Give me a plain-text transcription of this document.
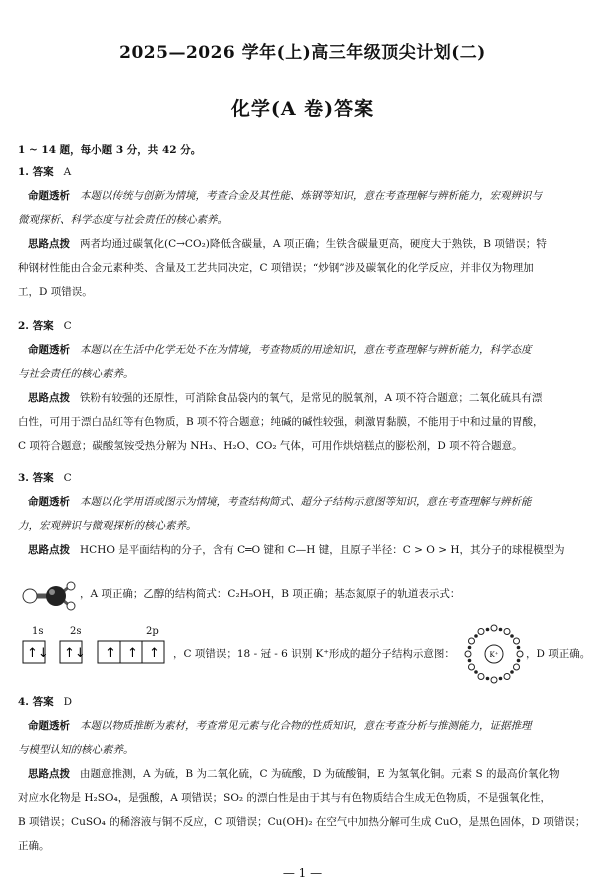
2025—2026 学年(上)高三年级顶尖计划(二)
化学(A 卷)答案
1 ~ 14 题，每小题 3 分，共 42 分。
1. 答案 A
命题透析 本题以传统与创新为情境，考查合金及其性能、炼钢等知识，意在考查理解与辨析能力，宏观辨识与
微观探析、科学态度与社会责任的核心素养。
思路点拨 两者均通过碳氧化(C→CO₂)降低含碳量，A 项正确；生铁含碳量更高，硬度大于熟铁，B 项错误；特
种钢材性能由合金元素种类、含量及工艺共同决定，C 项错误；“炒钢”涉及碳氧化的化学反应，并非仅为物理加
工，D 项错误。
2. 答案 C
命题透析 本题以在生活中化学无处不在为情境，考查物质的用途知识，意在考查理解与辨析能力，科学态度
与社会责任的核心素养。
思路点拨 铁粉有较强的还原性，可消除食品袋内的氧气，是常见的脱氧剂，A 项不符合题意；二氧化硫具有漂
白性，可用于漂白品红等有色物质，B 项不符合题意；纯碱的碱性较强，刺激胃黏膜，不能用于中和过量的胃酸，
C 项符合题意；碳酸氢铵受热分解为 NH₃、H₂O、CO₂ 气体，可用作烘焙糕点的膨松剂，D 项不符合题意。
3. 答案 C
命题透析 本题以化学用语或图示为情境，考查结构简式、超分子结构示意图等知识，意在考查理解与辨析能
力，宏观辨识与微观探析的核心素养。
思路点拨 HCHO 是平面结构的分子，含有 C═O 键和 C—H 键，且原子半径：C > O > H，其分子的球棍模型为
，A 项正确；乙醇的结构简式：C₂H₅OH，B 项正确；基态氮原子的轨道表示式：
1s	2s	2p
↑↓ ↑↓ ↑ ↑ ↑ ，C 项错误；18 - 冠 - 6 识别 K⁺形成的超分子结构示意图：	K⁺	，D 项正确。
4. 答案 D
命题透析 本题以物质推断为素材，考查常见元素与化合物的性质知识，意在考查分析与推测能力，证据推理
与模型认知的核心素养。
思路点拨 由题意推测，A 为硫，B 为二氧化硫，C 为硫酸，D 为硫酸铜，E 为氢氧化铜。元素 S 的最高价氧化物
对应水化物是 H₂SO₄，是强酸，A 项错误；SO₂ 的漂白性是由于其与有色物质结合生成无色物质，不是强氧化性，
B 项错误；CuSO₄ 的稀溶液与铜不反应，C 项错误；Cu(OH)₂ 在空气中加热分解可生成 CuO，是黑色固体，D 项错误；
正确。
— 1 —
